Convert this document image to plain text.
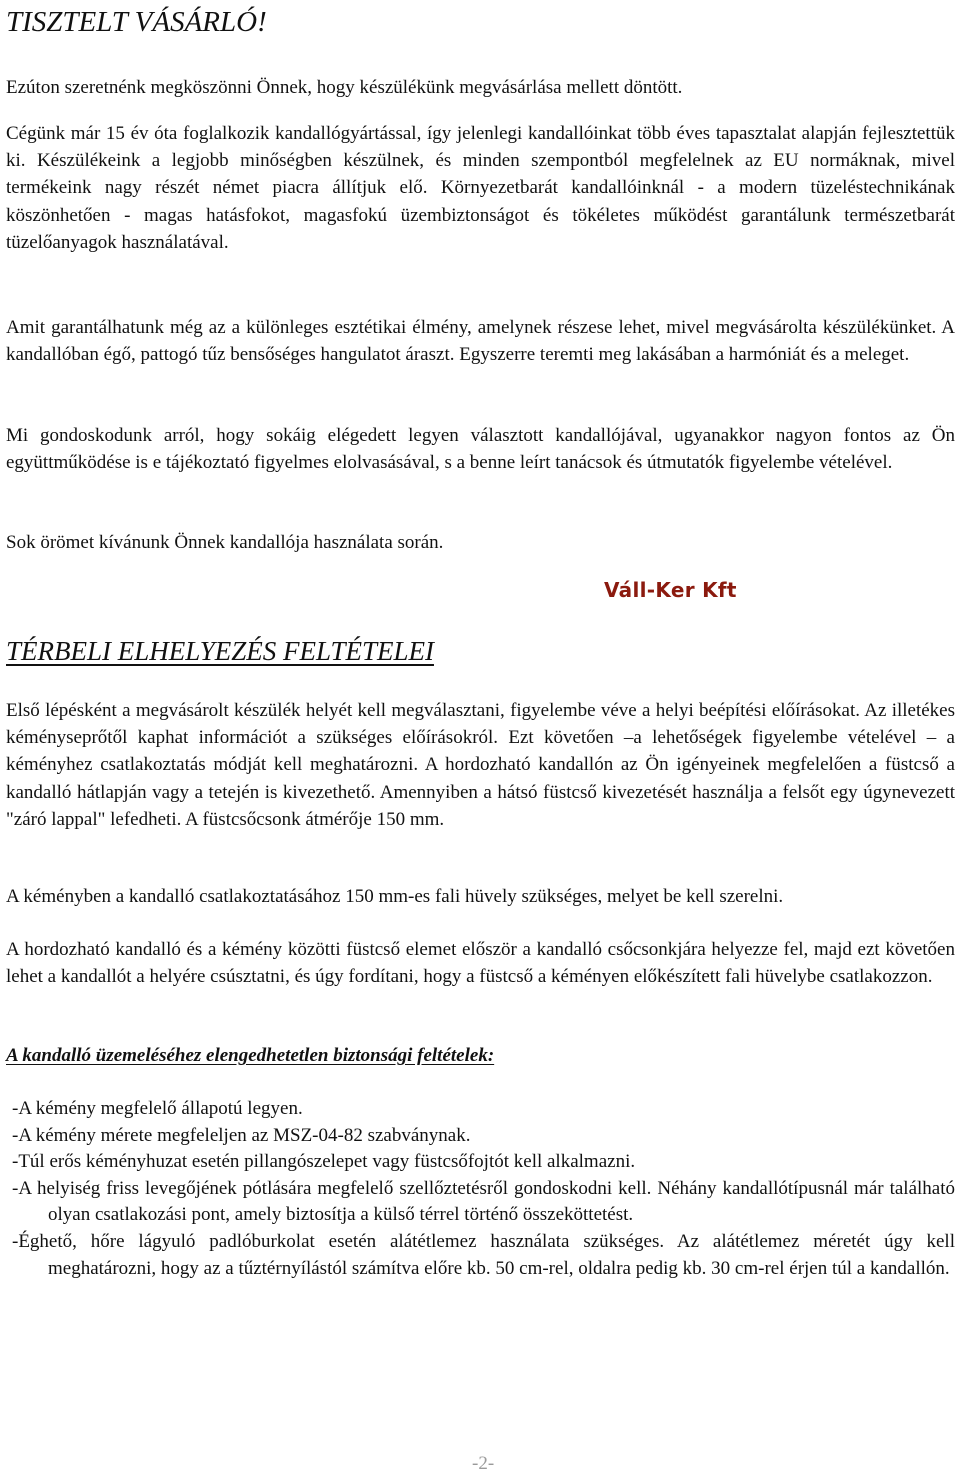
TISZTELT VÁSÁRLÓ!

Ezúton szeretnénk megköszönni Önnek, hogy készülékünk megvásárlása mellett döntött.

Cégünk már 15 év óta foglalkozik kandallógyártással, így jelenlegi kandallóinkat több éves tapasztalat alapján fejlesztettük ki. Készülékeink a legjobb minőségben készülnek, és minden szempontból megfelelnek az EU normáknak, mivel termékeink nagy részét német piacra állítjuk elő. Környezetbarát kandallóinknál - a modern tüzeléstechnikának köszönhetően - magas hatásfokot, magasfokú üzembiztonságot és tökéletes működést garantálunk természetbarát tüzelőanyagok használatával.

Amit garantálhatunk még az a különleges esztétikai élmény, amelynek részese lehet, mivel megvásárolta készülékünket. A kandallóban égő, pattogó tűz bensőséges hangulatot áraszt. Egyszerre teremti meg lakásában a harmóniát és a meleget.

Mi gondoskodunk arról, hogy sokáig elégedett legyen választott kandallójával, ugyanakkor nagyon fontos az Ön együttműködése is e tájékoztató figyelmes elolvasásával, s a benne leírt tanácsok és útmutatók figyelembe vételével.

Sok örömet kívánunk Önnek kandallója használata során.

Váll-Ker Kft

TÉRBELI ELHELYEZÉS FELTÉTELEI

Első lépésként a megvásárolt készülék helyét kell megválasztani, figyelembe véve a helyi beépítési előírásokat. Az illetékes kéményseprőtől kaphat információt a szükséges előírásokról. Ezt követően –a lehetőségek figyelembe vételével – a kéményhez csatlakoztatás módját kell meghatározni. A hordozható kandallón az Ön igényeinek megfelelően a füstcső a kandalló hátlapján vagy a tetején is kivezethető. Amennyiben a hátsó füstcső kivezetését használja a felsőt egy úgynevezett "záró lappal" lefedheti. A füstcsőcsonk átmérője 150 mm.

A kéményben a kandalló csatlakoztatásához 150 mm-es fali hüvely szükséges, melyet be kell szerelni.

A hordozható kandalló és a kémény közötti füstcső elemet először a kandalló csőcsonkjára helyezze fel, majd ezt követően lehet a kandallót a helyére csúsztatni, és úgy fordítani, hogy a füstcső a kéményen előkészített fali hüvelybe csatlakozzon.

A kandalló üzemeléséhez elengedhetetlen biztonsági feltételek:
-A kémény megfelelő állapotú legyen.
-A kémény mérete megfeleljen az MSZ-04-82 szabványnak.
-Túl erős kéményhuzat esetén pillangószelepet vagy füstcsőfojtót kell alkalmazni.
-A helyiség friss levegőjének pótlására megfelelő szellőztetésről gondoskodni kell. Néhány kandallótípusnál már található olyan csatlakozási pont, amely biztosítja a külső térrel történő összeköttetést.
-Éghető, hőre lágyuló padlóburkolat esetén alátétlemez használata szükséges. Az alátétlemez méretét úgy kell meghatározni, hogy az a tűztérnyílástól számítva előre kb. 50 cm-rel, oldalra pedig kb. 30 cm-rel érjen túl a kandallón.

-2-
